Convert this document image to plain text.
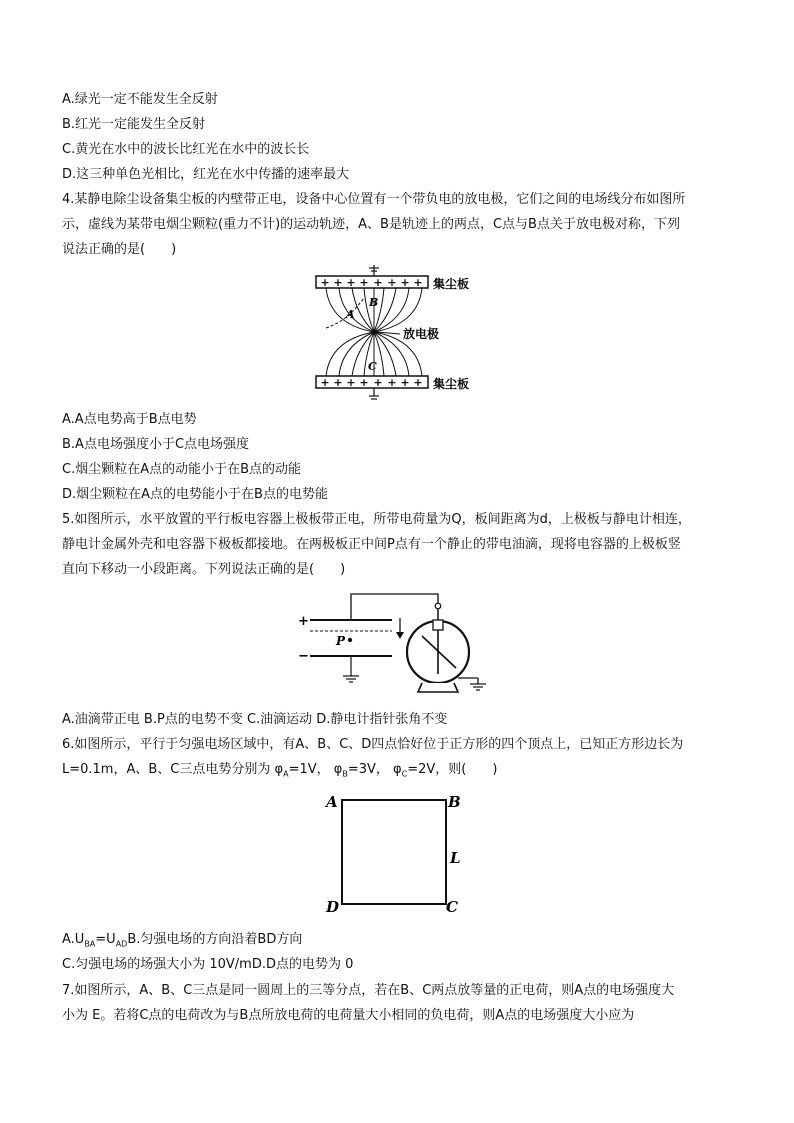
A.绿光一定不能发生全反射
B.红光一定能发生全反射
C.黄光在水中的波长比红光在水中的波长长
D.这三种单色光相比，红光在水中传播的速率最大
4.某静电除尘设备集尘板的内壁带正电，设备中心位置有一个带负电的放电极，它们之间的电场线分布如图所
示，虚线为某带电烟尘颗粒(重力不计)的运动轨迹，A、B是轨迹上的两点，C点与B点关于放电极对称，下列
说法正确的是(　　)
+ + + + + + + +
+ + + + + + + +
A
B
C
集尘板
放电极
集尘板
A.A点电势高于B点电势
B.A点电场强度小于C点电场强度
C.烟尘颗粒在A点的动能小于在B点的动能
D.烟尘颗粒在A点的电势能小于在B点的电势能
5.如图所示，水平放置的平行板电容器上极板带正电，所带电荷量为Q，板间距离为d，上极板与静电计相连，
静电计金属外壳和电容器下极板都接地。在两极板正中间P点有一个静止的带电油滴，现将电容器的上极板竖
直向下移动一小段距离。下列说法正确的是(　　)
+
−
P
A.油滴带正电 B.P点的电势不变 C.油滴运动 D.静电计指针张角不变
6.如图所示，平行于匀强电场区域中，有A、B、C、D四点恰好位于正方形的四个顶点上，已知正方形边长为
L=0.1m，A、B、C三点电势分别为 $\varphi_A=1V$， $\varphi_B=3V$， $\varphi_C=2V$，则(　　)
A	B
C
D
L
$A.U_{BA}=U_{AD}B$.匀强电场的方向沿着BD方向
C.匀强电场的场强大小为 10V/mD.D点的电势为 0
7.如图所示，A、B、C三点是同一圆周上的三等分点，若在B、C两点放等量的正电荷，则A点的电场强度大
小为 E。若将C点的电荷改为与B点所放电荷的电荷量大小相同的负电荷，则A点的电场强度大小应为
